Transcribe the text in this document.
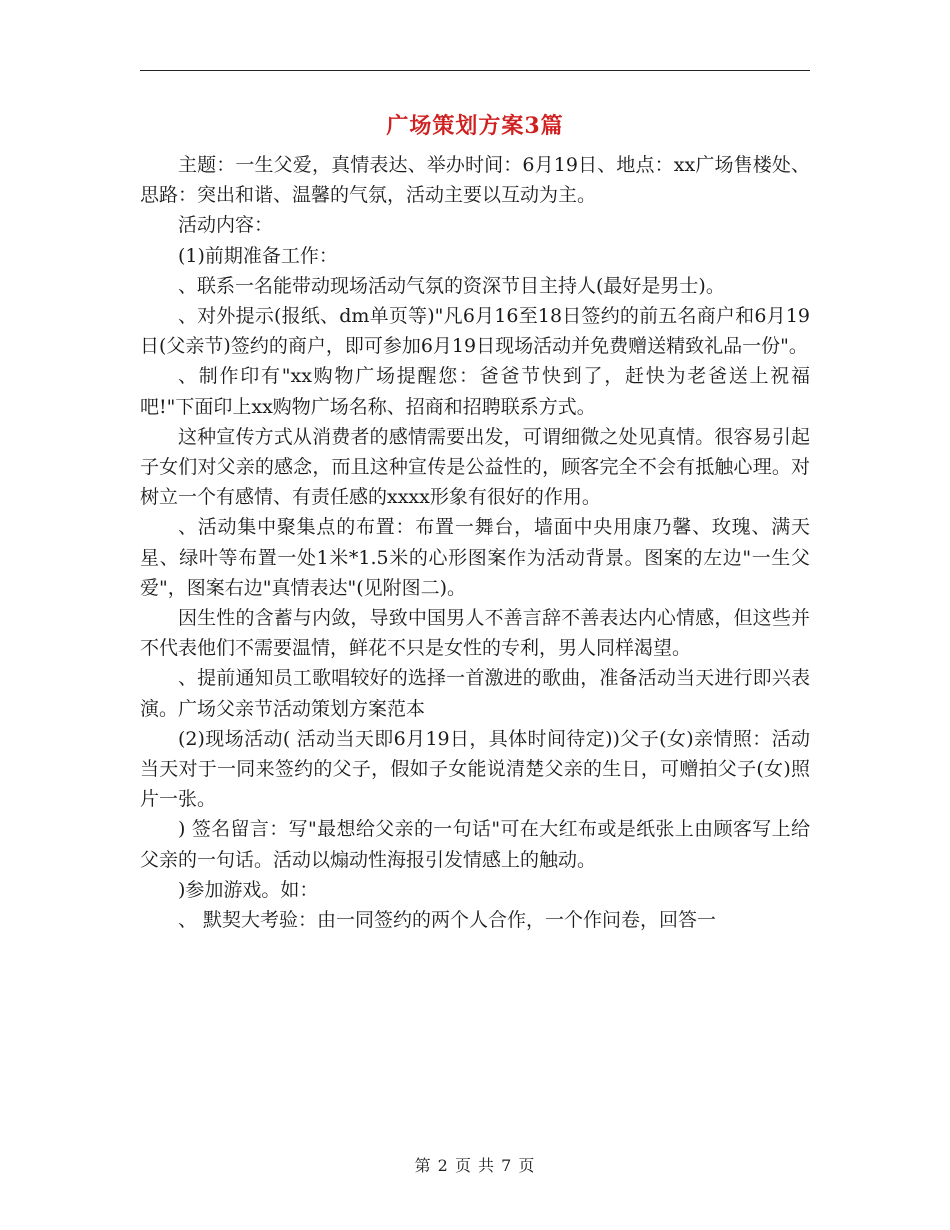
广场策划方案3篇

主题：一生父爱，真情表达、举办时间：6月19日、地点：xx广场售楼处、思路：突出和谐、温馨的气氛，活动主要以互动为主。

活动内容：

(1)前期准备工作：

、联系一名能带动现场活动气氛的资深节目主持人(最好是男士)。

、对外提示(报纸、dm单页等)"凡6月16至18日签约的前五名商户和6月19日(父亲节)签约的商户，即可参加6月19日现场活动并免费赠送精致礼品一份"。

、制作印有"xx购物广场提醒您：爸爸节快到了，赶快为老爸送上祝福吧!"下面印上xx购物广场名称、招商和招聘联系方式。

这种宣传方式从消费者的感情需要出发，可谓细微之处见真情。很容易引起子女们对父亲的感念，而且这种宣传是公益性的，顾客完全不会有抵触心理。对树立一个有感情、有责任感的xxxx形象有很好的作用。

、活动集中聚集点的布置：布置一舞台，墙面中央用康乃馨、玫瑰、满天星、绿叶等布置一处1米*1.5米的心形图案作为活动背景。图案的左边"一生父爱"，图案右边"真情表达"(见附图二)。

因生性的含蓄与内敛，导致中国男人不善言辞不善表达内心情感，但这些并不代表他们不需要温情，鲜花不只是女性的专利，男人同样渴望。

、提前通知员工歌唱较好的选择一首激进的歌曲，准备活动当天进行即兴表演。广场父亲节活动策划方案范本

(2)现场活动( 活动当天即6月19日，具体时间待定))父子(女)亲情照：活动当天对于一同来签约的父子，假如子女能说清楚父亲的生日，可赠拍父子(女)照片一张。

) 签名留言：写"最想给父亲的一句话"可在大红布或是纸张上由顾客写上给父亲的一句话。活动以煽动性海报引发情感上的触动。

)参加游戏。如：

、 默契大考验：由一同签约的两个人合作，一个作问卷，回答一

第 2 页 共 7 页
